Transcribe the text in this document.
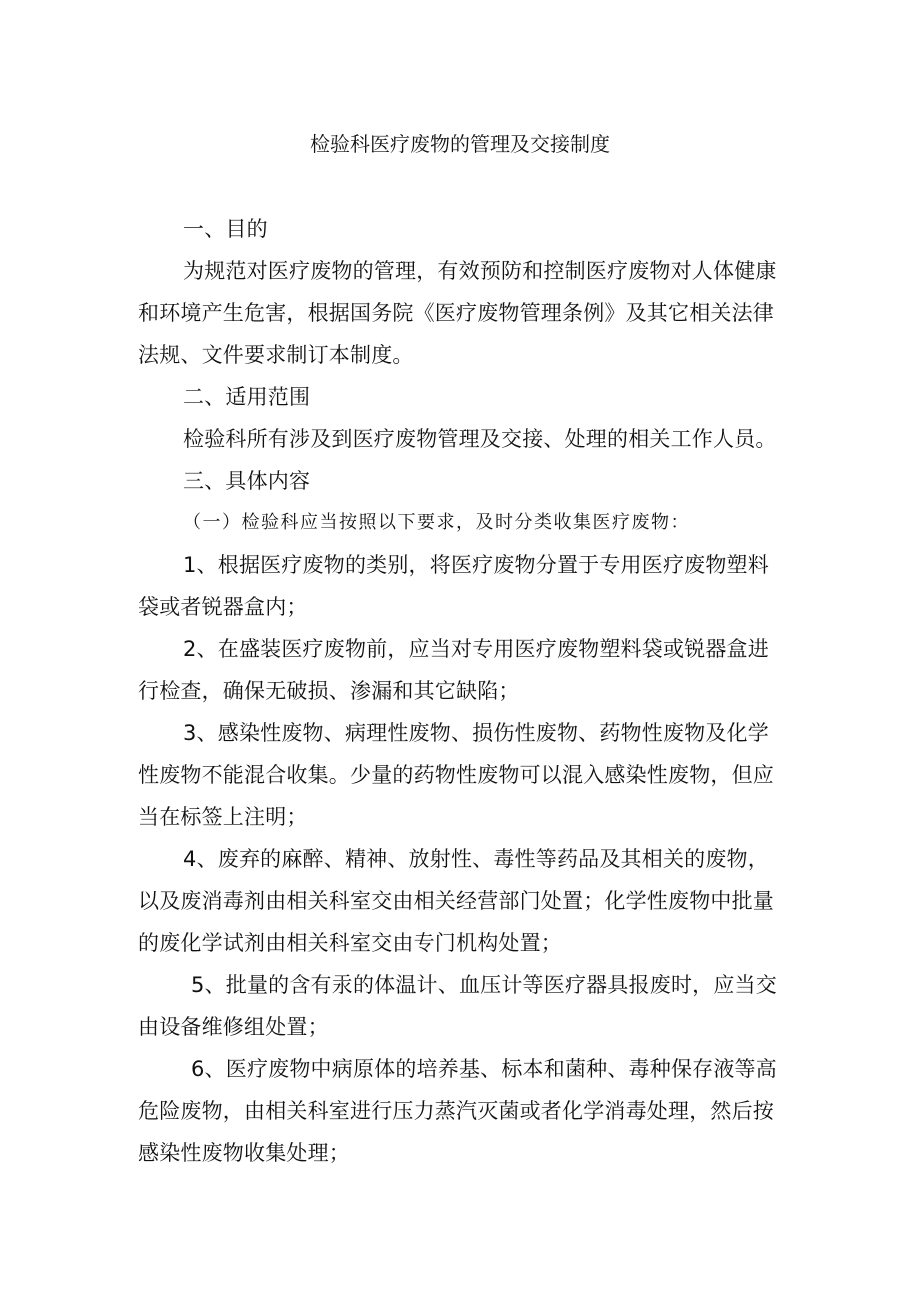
检验科医疗废物的管理及交接制度
一、目的
为规范对医疗废物的管理，有效预防和控制医疗废物对人体健康
和环境产生危害，根据国务院《医疗废物管理条例》及其它相关法律
法规、文件要求制订本制度。
二、适用范围
检验科所有涉及到医疗废物管理及交接、处理的相关工作人员。
三、具体内容
（一）检验科应当按照以下要求，及时分类收集医疗废物：
1、根据医疗废物的类别，将医疗废物分置于专用医疗废物塑料
袋或者锐器盒内；
2、在盛装医疗废物前，应当对专用医疗废物塑料袋或锐器盒进
行检查，确保无破损、渗漏和其它缺陷；
3、感染性废物、病理性废物、损伤性废物、药物性废物及化学
性废物不能混合收集。少量的药物性废物可以混入感染性废物，但应
当在标签上注明；
4、废弃的麻醉、精神、放射性、毒性等药品及其相关的废物，
以及废消毒剂由相关科室交由相关经营部门处置；化学性废物中批量
的废化学试剂由相关科室交由专门机构处置；
5、批量的含有汞的体温计、血压计等医疗器具报废时，应当交
由设备维修组处置；
6、医疗废物中病原体的培养基、标本和菌种、毒种保存液等高
危险废物，由相关科室进行压力蒸汽灭菌或者化学消毒处理，然后按
感染性废物收集处理；
